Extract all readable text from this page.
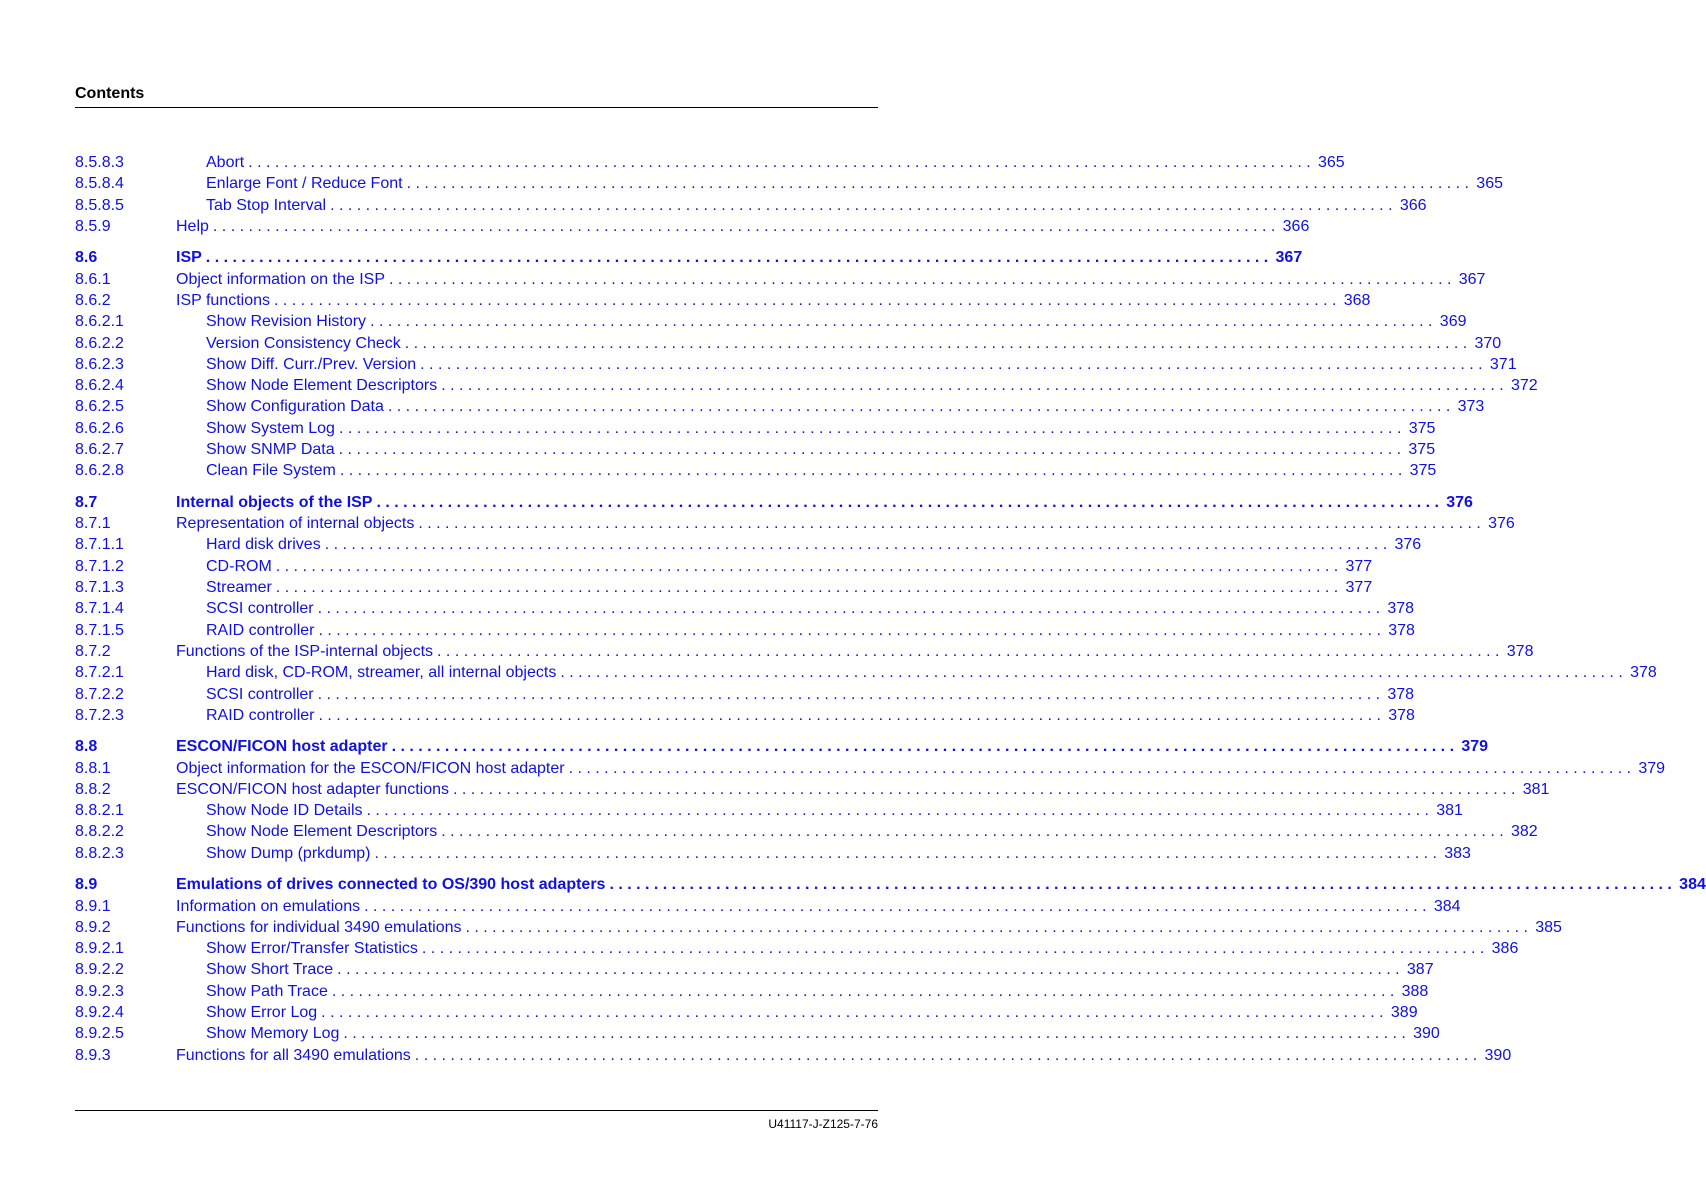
Contents
8.5.8.3	Abort . . . . . . . . . . . . . . . . . . . . . . . . . . . . . . . . . . . . . . . . . . . . . . . . . . . . . . . . . . . . . . . . . . . . . . . . . . . . . . . . . . . . . . . . . . . . . . . . . . . . . . . . . . . . . . . . . . . . . . . . 365
8.5.8.4	Enlarge Font / Reduce Font . . . . . . . . . . . . . . . . . . . . . . . . . . . . . . . . . . . . . . . . . . . . . . . . . . . . . . . . . . . . . . . . . . . . . . . . . . . . . . . . . . . . . . . . . . . . . . . . . . . . . . . . . . . . . . . . . . . . . . . . 365
8.5.8.5	Tab Stop Interval . . . . . . . . . . . . . . . . . . . . . . . . . . . . . . . . . . . . . . . . . . . . . . . . . . . . . . . . . . . . . . . . . . . . . . . . . . . . . . . . . . . . . . . . . . . . . . . . . . . . . . . . . . . . . . . . . . . . . . . . 366
8.5.9	Help . . . . . . . . . . . . . . . . . . . . . . . . . . . . . . . . . . . . . . . . . . . . . . . . . . . . . . . . . . . . . . . . . . . . . . . . . . . . . . . . . . . . . . . . . . . . . . . . . . . . . . . . . . . . . . . . . . . . . . . . 366
8.6	ISP . . . . . . . . . . . . . . . . . . . . . . . . . . . . . . . . . . . . . . . . . . . . . . . . . . . . . . . . . . . . . . . . . . . . . . . . . . . . . . . . . . . . . . . . . . . . . . . . . . . . . . . . . . . . . . . . . . . . . . . . 367
8.6.1	Object information on the ISP . . . . . . . . . . . . . . . . . . . . . . . . . . . . . . . . . . . . . . . . . . . . . . . . . . . . . . . . . . . . . . . . . . . . . . . . . . . . . . . . . . . . . . . . . . . . . . . . . . . . . . . . . . . . . . . . . . . . . . . . 367
8.6.2	ISP functions . . . . . . . . . . . . . . . . . . . . . . . . . . . . . . . . . . . . . . . . . . . . . . . . . . . . . . . . . . . . . . . . . . . . . . . . . . . . . . . . . . . . . . . . . . . . . . . . . . . . . . . . . . . . . . . . . . . . . . . . 368
8.6.2.1	Show Revision History . . . . . . . . . . . . . . . . . . . . . . . . . . . . . . . . . . . . . . . . . . . . . . . . . . . . . . . . . . . . . . . . . . . . . . . . . . . . . . . . . . . . . . . . . . . . . . . . . . . . . . . . . . . . . . . . . . . . . . . . 369
8.6.2.2	Version Consistency Check . . . . . . . . . . . . . . . . . . . . . . . . . . . . . . . . . . . . . . . . . . . . . . . . . . . . . . . . . . . . . . . . . . . . . . . . . . . . . . . . . . . . . . . . . . . . . . . . . . . . . . . . . . . . . . . . . . . . . . . . 370
8.6.2.3	Show Diff. Curr./Prev. Version . . . . . . . . . . . . . . . . . . . . . . . . . . . . . . . . . . . . . . . . . . . . . . . . . . . . . . . . . . . . . . . . . . . . . . . . . . . . . . . . . . . . . . . . . . . . . . . . . . . . . . . . . . . . . . . . . . . . . . . . 371
8.6.2.4	Show Node Element Descriptors . . . . . . . . . . . . . . . . . . . . . . . . . . . . . . . . . . . . . . . . . . . . . . . . . . . . . . . . . . . . . . . . . . . . . . . . . . . . . . . . . . . . . . . . . . . . . . . . . . . . . . . . . . . . . . . . . . . . . . . . 372
8.6.2.5	Show Configuration Data . . . . . . . . . . . . . . . . . . . . . . . . . . . . . . . . . . . . . . . . . . . . . . . . . . . . . . . . . . . . . . . . . . . . . . . . . . . . . . . . . . . . . . . . . . . . . . . . . . . . . . . . . . . . . . . . . . . . . . . . 373
8.6.2.6	Show System Log . . . . . . . . . . . . . . . . . . . . . . . . . . . . . . . . . . . . . . . . . . . . . . . . . . . . . . . . . . . . . . . . . . . . . . . . . . . . . . . . . . . . . . . . . . . . . . . . . . . . . . . . . . . . . . . . . . . . . . . . 375
8.6.2.7	Show SNMP Data . . . . . . . . . . . . . . . . . . . . . . . . . . . . . . . . . . . . . . . . . . . . . . . . . . . . . . . . . . . . . . . . . . . . . . . . . . . . . . . . . . . . . . . . . . . . . . . . . . . . . . . . . . . . . . . . . . . . . . . . 375
8.6.2.8	Clean File System . . . . . . . . . . . . . . . . . . . . . . . . . . . . . . . . . . . . . . . . . . . . . . . . . . . . . . . . . . . . . . . . . . . . . . . . . . . . . . . . . . . . . . . . . . . . . . . . . . . . . . . . . . . . . . . . . . . . . . . . 375
8.7	Internal objects of the ISP . . . . . . . . . . . . . . . . . . . . . . . . . . . . . . . . . . . . . . . . . . . . . . . . . . . . . . . . . . . . . . . . . . . . . . . . . . . . . . . . . . . . . . . . . . . . . . . . . . . . . . . . . . . . . . . . . . . . . . . . 376
8.7.1	Representation of internal objects . . . . . . . . . . . . . . . . . . . . . . . . . . . . . . . . . . . . . . . . . . . . . . . . . . . . . . . . . . . . . . . . . . . . . . . . . . . . . . . . . . . . . . . . . . . . . . . . . . . . . . . . . . . . . . . . . . . . . . . . 376
8.7.1.1	Hard disk drives . . . . . . . . . . . . . . . . . . . . . . . . . . . . . . . . . . . . . . . . . . . . . . . . . . . . . . . . . . . . . . . . . . . . . . . . . . . . . . . . . . . . . . . . . . . . . . . . . . . . . . . . . . . . . . . . . . . . . . . . 376
8.7.1.2	CD-ROM . . . . . . . . . . . . . . . . . . . . . . . . . . . . . . . . . . . . . . . . . . . . . . . . . . . . . . . . . . . . . . . . . . . . . . . . . . . . . . . . . . . . . . . . . . . . . . . . . . . . . . . . . . . . . . . . . . . . . . . . 377
8.7.1.3	Streamer . . . . . . . . . . . . . . . . . . . . . . . . . . . . . . . . . . . . . . . . . . . . . . . . . . . . . . . . . . . . . . . . . . . . . . . . . . . . . . . . . . . . . . . . . . . . . . . . . . . . . . . . . . . . . . . . . . . . . . . . 377
8.7.1.4	SCSI controller . . . . . . . . . . . . . . . . . . . . . . . . . . . . . . . . . . . . . . . . . . . . . . . . . . . . . . . . . . . . . . . . . . . . . . . . . . . . . . . . . . . . . . . . . . . . . . . . . . . . . . . . . . . . . . . . . . . . . . . . 378
8.7.1.5	RAID controller . . . . . . . . . . . . . . . . . . . . . . . . . . . . . . . . . . . . . . . . . . . . . . . . . . . . . . . . . . . . . . . . . . . . . . . . . . . . . . . . . . . . . . . . . . . . . . . . . . . . . . . . . . . . . . . . . . . . . . . . 378
8.7.2	Functions of the ISP-internal objects . . . . . . . . . . . . . . . . . . . . . . . . . . . . . . . . . . . . . . . . . . . . . . . . . . . . . . . . . . . . . . . . . . . . . . . . . . . . . . . . . . . . . . . . . . . . . . . . . . . . . . . . . . . . . . . . . . . . . . . . 378
8.7.2.1	Hard disk, CD-ROM, streamer, all internal objects . . . . . . . . . . . . . . . . . . . . . . . . . . . . . . . . . . . . . . . . . . . . . . . . . . . . . . . . . . . . . . . . . . . . . . . . . . . . . . . . . . . . . . . . . . . . . . . . . . . . . . . . . . . . . . . . . . . . . . . . 378
8.7.2.2	SCSI controller . . . . . . . . . . . . . . . . . . . . . . . . . . . . . . . . . . . . . . . . . . . . . . . . . . . . . . . . . . . . . . . . . . . . . . . . . . . . . . . . . . . . . . . . . . . . . . . . . . . . . . . . . . . . . . . . . . . . . . . . 378
8.7.2.3	RAID controller . . . . . . . . . . . . . . . . . . . . . . . . . . . . . . . . . . . . . . . . . . . . . . . . . . . . . . . . . . . . . . . . . . . . . . . . . . . . . . . . . . . . . . . . . . . . . . . . . . . . . . . . . . . . . . . . . . . . . . . . 378
8.8	ESCON/FICON host adapter . . . . . . . . . . . . . . . . . . . . . . . . . . . . . . . . . . . . . . . . . . . . . . . . . . . . . . . . . . . . . . . . . . . . . . . . . . . . . . . . . . . . . . . . . . . . . . . . . . . . . . . . . . . . . . . . . . . . . . . . 379
8.8.1	Object information for the ESCON/FICON host adapter . . . . . . . . . . . . . . . . . . . . . . . . . . . . . . . . . . . . . . . . . . . . . . . . . . . . . . . . . . . . . . . . . . . . . . . . . . . . . . . . . . . . . . . . . . . . . . . . . . . . . . . . . . . . . . . . . . . . . . . . 379
8.8.2	ESCON/FICON host adapter functions . . . . . . . . . . . . . . . . . . . . . . . . . . . . . . . . . . . . . . . . . . . . . . . . . . . . . . . . . . . . . . . . . . . . . . . . . . . . . . . . . . . . . . . . . . . . . . . . . . . . . . . . . . . . . . . . . . . . . . . . 381
8.8.2.1	Show Node ID Details . . . . . . . . . . . . . . . . . . . . . . . . . . . . . . . . . . . . . . . . . . . . . . . . . . . . . . . . . . . . . . . . . . . . . . . . . . . . . . . . . . . . . . . . . . . . . . . . . . . . . . . . . . . . . . . . . . . . . . . . 381
8.8.2.2	Show Node Element Descriptors . . . . . . . . . . . . . . . . . . . . . . . . . . . . . . . . . . . . . . . . . . . . . . . . . . . . . . . . . . . . . . . . . . . . . . . . . . . . . . . . . . . . . . . . . . . . . . . . . . . . . . . . . . . . . . . . . . . . . . . . 382
8.8.2.3	Show Dump (prkdump) . . . . . . . . . . . . . . . . . . . . . . . . . . . . . . . . . . . . . . . . . . . . . . . . . . . . . . . . . . . . . . . . . . . . . . . . . . . . . . . . . . . . . . . . . . . . . . . . . . . . . . . . . . . . . . . . . . . . . . . . 383
8.9	Emulations of drives connected to OS/390 host adapters . . . . . . . . . . . . . . . . . . . . . . . . . . . . . . . . . . . . . . . . . . . . . . . . . . . . . . . . . . . . . . . . . . . . . . . . . . . . . . . . . . . . . . . . . . . . . . . . . . . . . . . . . . . . . . . . . . . . . . . . 384
8.9.1	Information on emulations . . . . . . . . . . . . . . . . . . . . . . . . . . . . . . . . . . . . . . . . . . . . . . . . . . . . . . . . . . . . . . . . . . . . . . . . . . . . . . . . . . . . . . . . . . . . . . . . . . . . . . . . . . . . . . . . . . . . . . . . 384
8.9.2	Functions for individual 3490 emulations . . . . . . . . . . . . . . . . . . . . . . . . . . . . . . . . . . . . . . . . . . . . . . . . . . . . . . . . . . . . . . . . . . . . . . . . . . . . . . . . . . . . . . . . . . . . . . . . . . . . . . . . . . . . . . . . . . . . . . . . 385
8.9.2.1	Show Error/Transfer Statistics . . . . . . . . . . . . . . . . . . . . . . . . . . . . . . . . . . . . . . . . . . . . . . . . . . . . . . . . . . . . . . . . . . . . . . . . . . . . . . . . . . . . . . . . . . . . . . . . . . . . . . . . . . . . . . . . . . . . . . . . 386
8.9.2.2	Show Short Trace . . . . . . . . . . . . . . . . . . . . . . . . . . . . . . . . . . . . . . . . . . . . . . . . . . . . . . . . . . . . . . . . . . . . . . . . . . . . . . . . . . . . . . . . . . . . . . . . . . . . . . . . . . . . . . . . . . . . . . . . 387
8.9.2.3	Show Path Trace . . . . . . . . . . . . . . . . . . . . . . . . . . . . . . . . . . . . . . . . . . . . . . . . . . . . . . . . . . . . . . . . . . . . . . . . . . . . . . . . . . . . . . . . . . . . . . . . . . . . . . . . . . . . . . . . . . . . . . . . 388
8.9.2.4	Show Error Log . . . . . . . . . . . . . . . . . . . . . . . . . . . . . . . . . . . . . . . . . . . . . . . . . . . . . . . . . . . . . . . . . . . . . . . . . . . . . . . . . . . . . . . . . . . . . . . . . . . . . . . . . . . . . . . . . . . . . . . . 389
8.9.2.5	Show Memory Log . . . . . . . . . . . . . . . . . . . . . . . . . . . . . . . . . . . . . . . . . . . . . . . . . . . . . . . . . . . . . . . . . . . . . . . . . . . . . . . . . . . . . . . . . . . . . . . . . . . . . . . . . . . . . . . . . . . . . . . . 390
8.9.3	Functions for all 3490 emulations . . . . . . . . . . . . . . . . . . . . . . . . . . . . . . . . . . . . . . . . . . . . . . . . . . . . . . . . . . . . . . . . . . . . . . . . . . . . . . . . . . . . . . . . . . . . . . . . . . . . . . . . . . . . . . . . . . . . . . . . 390
U41117-J-Z125-7-76
